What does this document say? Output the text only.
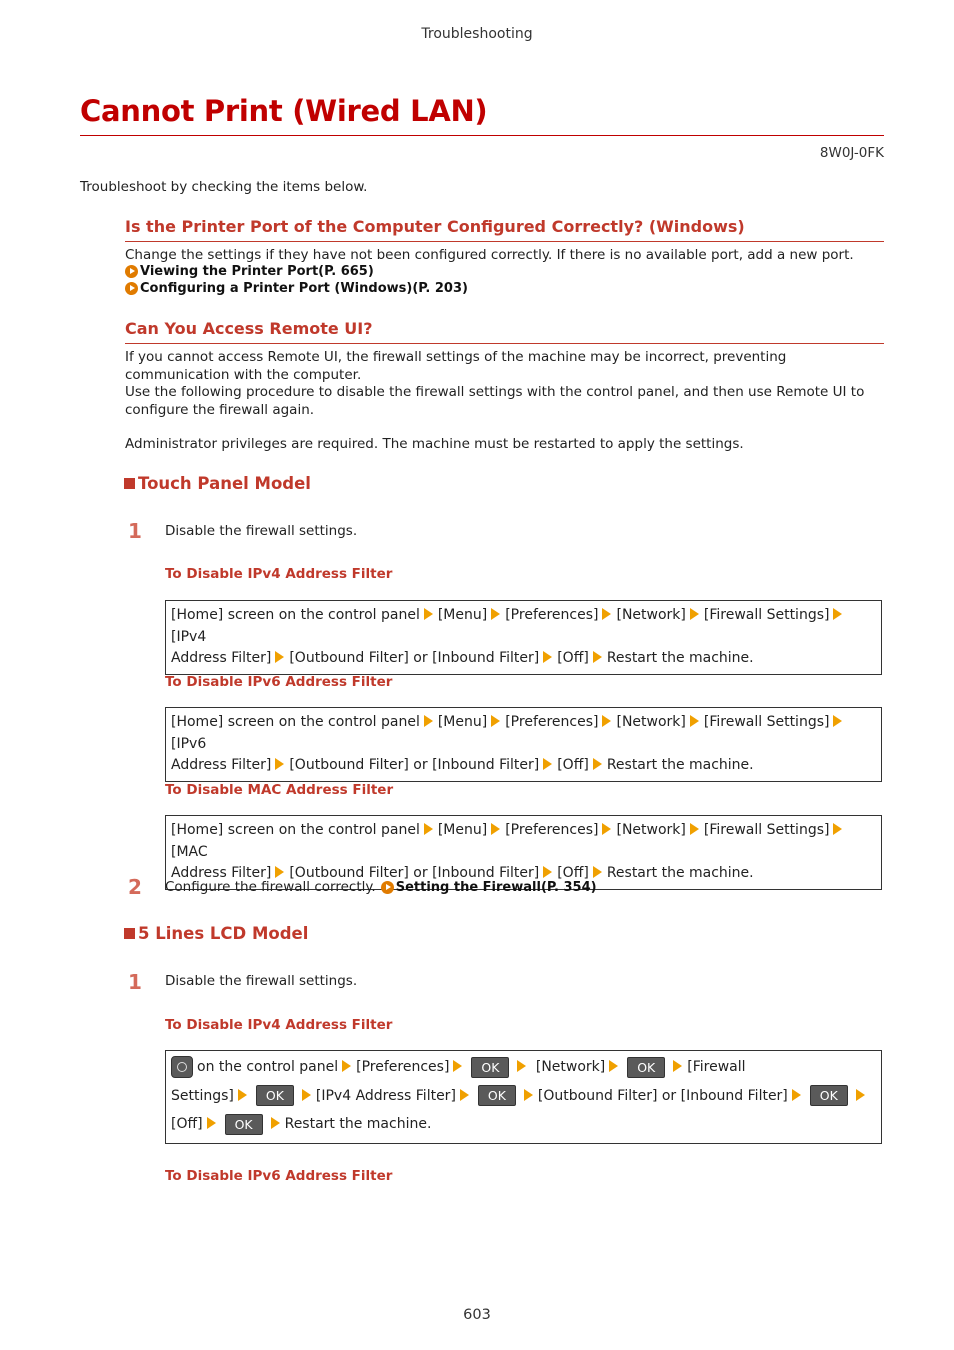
Troubleshooting
Cannot Print (Wired LAN)
8W0J-0FK
Troubleshoot by checking the items below.
Is the Printer Port of the Computer Configured Correctly? (Windows)
Change the settings if they have not been configured correctly. If there is no available port, add a new port.
Viewing the Printer Port(P. 665)
Configuring a Printer Port (Windows)(P. 203)
Can You Access Remote UI?
If you cannot access Remote UI, the firewall settings of the machine may be incorrect, preventing
communication with the computer.
Use the following procedure to disable the firewall settings with the control panel, and then use Remote UI to
configure the firewall again.
Administrator privileges are required. The machine must be restarted to apply the settings.
Touch Panel Model
1 Disable the firewall settings.
To Disable IPv4 Address Filter
[Home] screen on the control panel [Menu] [Preferences] [Network] [Firewall Settings][IPv4
Address Filter] [Outbound Filter] or [Inbound Filter] [Off] Restart the machine.
To Disable IPv6 Address Filter
[Home] screen on the control panel [Menu] [Preferences] [Network] [Firewall Settings][IPv6
Address Filter] [Outbound Filter] or [Inbound Filter] [Off] Restart the machine.
To Disable MAC Address Filter
[Home] screen on the control panel [Menu] [Preferences] [Network] [Firewall Settings][MAC
Address Filter] [Outbound Filter] or [Inbound Filter] [Off] Restart the machine.
2 Configure the firewall correctly. Setting the Firewall(P. 354)
5 Lines LCD Model
1 Disable the firewall settings.
To Disable IPv4 Address Filter
on the control panel [Preferences]	OK	[Network]	OK [Firewall
Settings]	OK [IPv4 Address Filter]	OK [Outbound Filter] or [Inbound Filter]	OK
[Off]	OK Restart the machine.
To Disable IPv6 Address Filter
603
